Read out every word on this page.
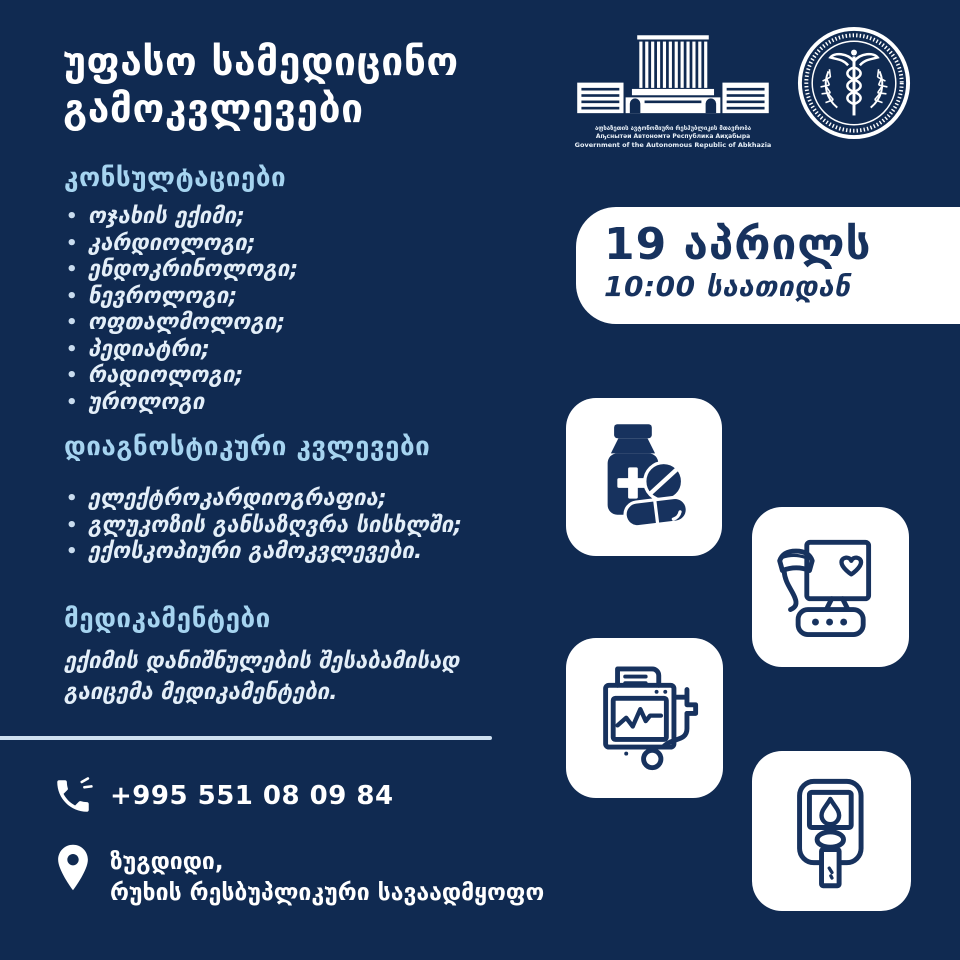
უფასო სამედიცინო
გამოკვლევები	აფხაზეთის ავტონომიური რესპუბლიკის მთავრობა
Аҧснытәи Автономтә Республика Аиҳабыра
Government of the Autonomous Republic of Abkhazia
19 აპრილს
10:00 საათიდან
კონსულტაციები
• ოჯახის ექიმი;
• კარდიოლოგი;
• ენდოკრინოლოგი;
• ნევროლოგი;
• ოფთალმოლოგი;
• პედიატრი;
• რადიოლოგი;
• უროლოგი
დიაგნოსტიკური კვლევები
• ელექტროკარდიოგრაფია;
• გლუკოზის განსაზღვრა სისხლში;
• ექოსკოპიური გამოკვლევები.
მედიკამენტები
ექიმის დანიშნულების შესაბამისად გაიცემა მედიკამენტები.
+995 551 08 09 84
ზუგდიდი,
რუხის რესბუპლიკური სავაადმყოფო
